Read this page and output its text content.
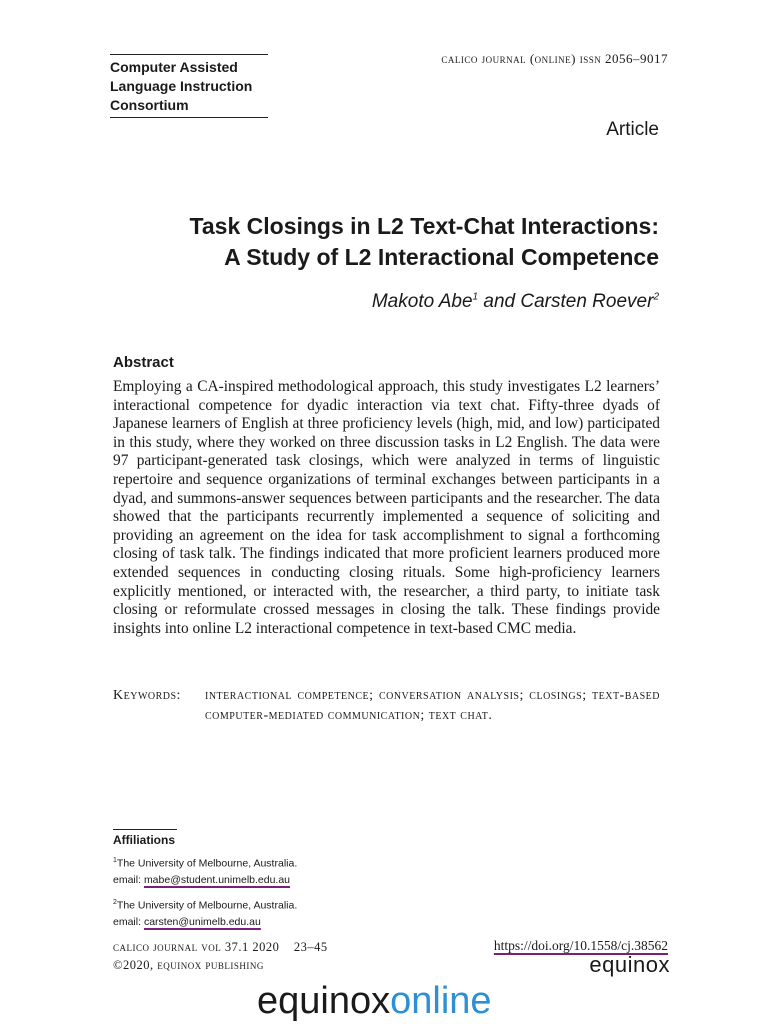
Computer Assisted
Language Instruction
Consortium
calico journal (online) issn 2056–9017
Article
Task Closings in L2 Text-Chat Interactions:
A Study of L2 Interactional Competence
Makoto Abe$^1$ and Carsten Roever$^2$
Abstract
Employing a CA-inspired methodological approach, this study investigates L2 learners’ interactional competence for dyadic interaction via text chat. Fifty-three dyads of Japanese learners of English at three proficiency levels (high, mid, and low) participated in this study, where they worked on three discussion tasks in L2 English. The data were 97 participant-generated task closings, which were analyzed in terms of linguistic repertoire and sequence organizations of terminal exchanges between participants in a dyad, and summons-answer sequences between participants and the researcher. The data showed that the participants recurrently implemented a sequence of soliciting and providing an agreement on the idea for task accomplishment to signal a forthcoming closing of task talk. The findings indicated that more proficient learners produced more extended sequences in conducting closing rituals. Some high-proficiency learners explicitly mentioned, or interacted with, the researcher, a third party, to initiate task closing or reformulate crossed messages in closing the talk. These findings provide insights into online L2 interactional competence in text-based CMC media.
Keywords:	interactional competence; conversation analysis; closings; text-based computer-mediated communication; text chat.
Affiliations
$^1$The University of Melbourne, Australia.
email: mabe@student.unimelb.edu.au
$^2$The University of Melbourne, Australia.
email: carsten@unimelb.edu.au
calico journal vol 37.1 2020    23–45
©2020, equinox publishing
https://doi.org/10.1558/cj.38562
equinox
equinoxonline
